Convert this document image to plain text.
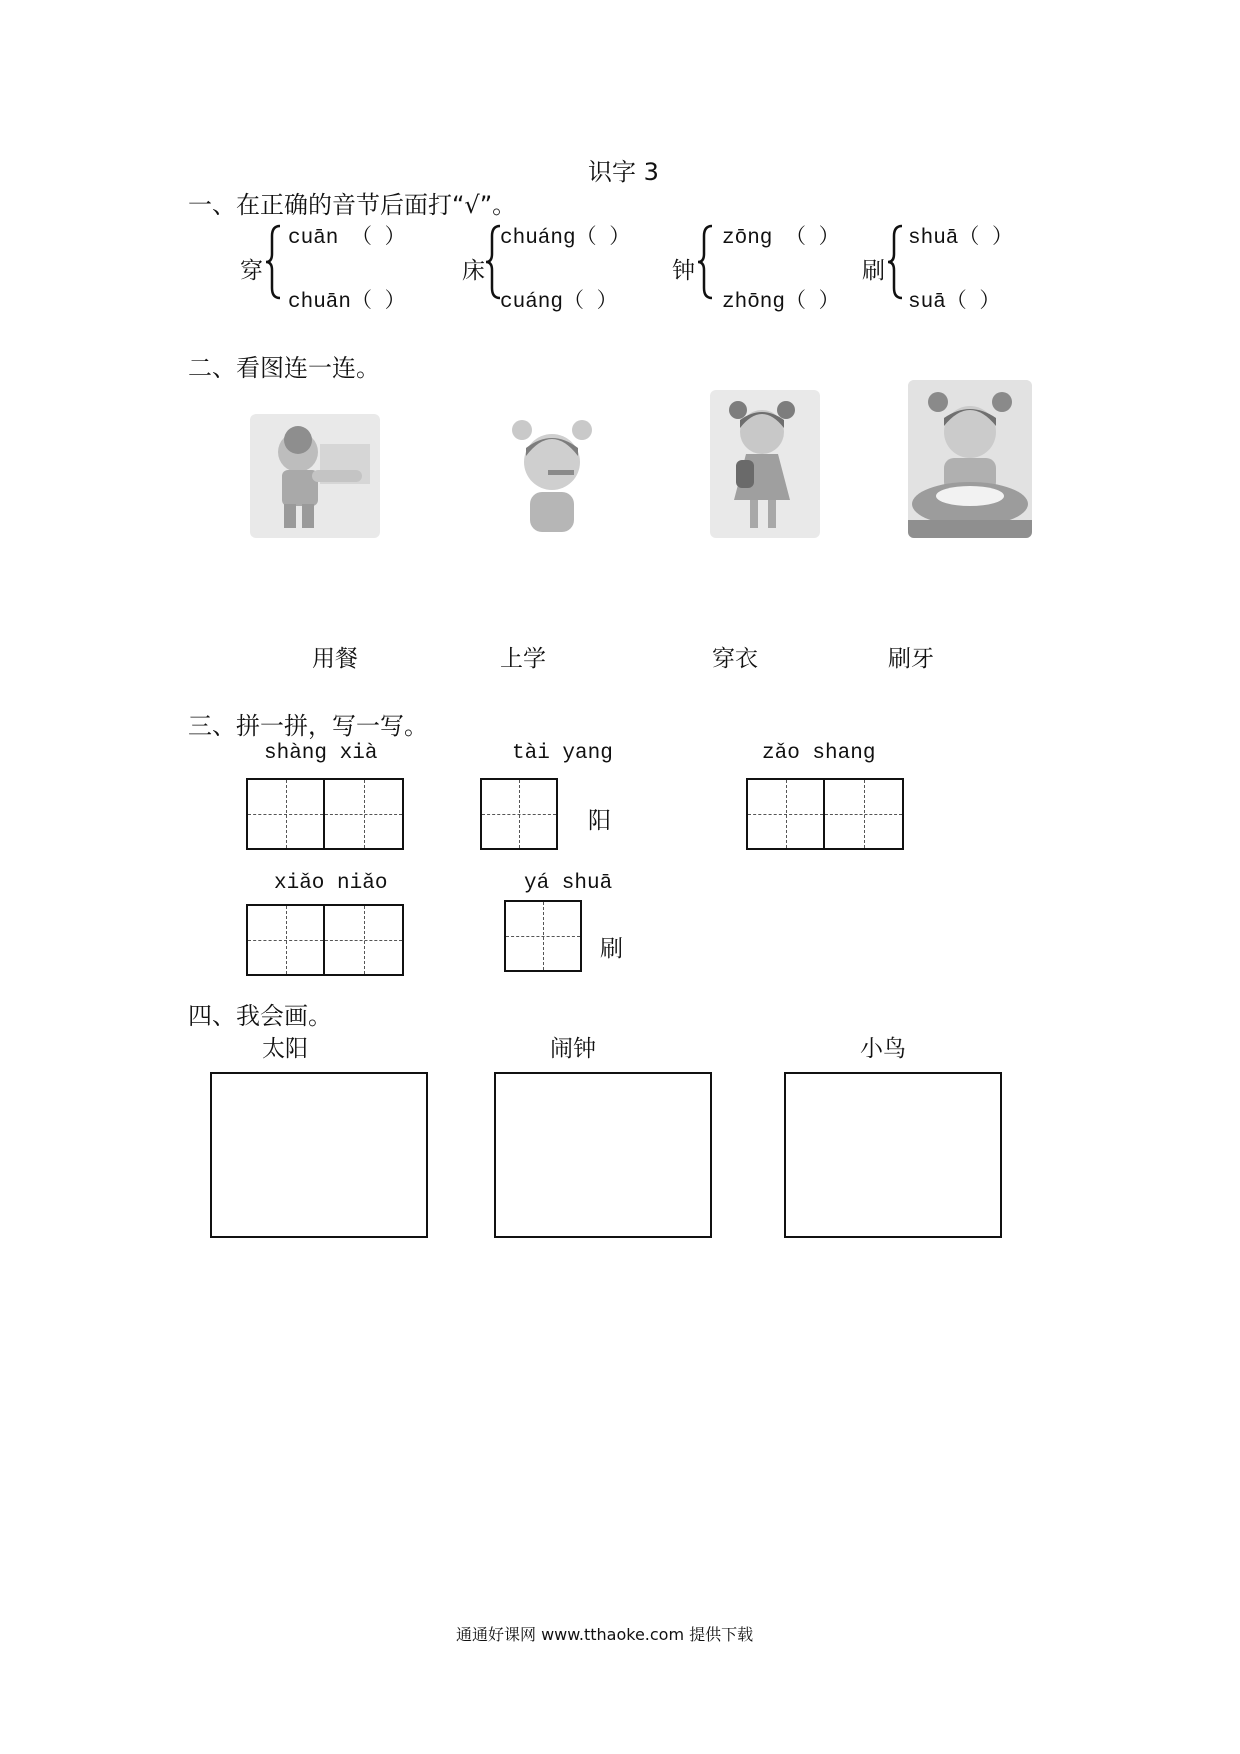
识字 3
一、在正确的音节后面打“√”。
穿
cuān （ ）
chuān（ ）
床
chuáng（ ）
cuáng（ ）
钟
zōng （ ）
zhōng（ ）
刷
shuā（ ）
suā（ ）
二、看图连一连。
用餐	上学	穿衣	刷牙
三、拼一拼，写一写。
shàng xià	tài yang
阳
zǎo shang
xiǎo niǎo	yá shuā
刷
四、我会画。
太阳	闹钟	小鸟
通通好课网 www.tthaoke.com 提供下载
